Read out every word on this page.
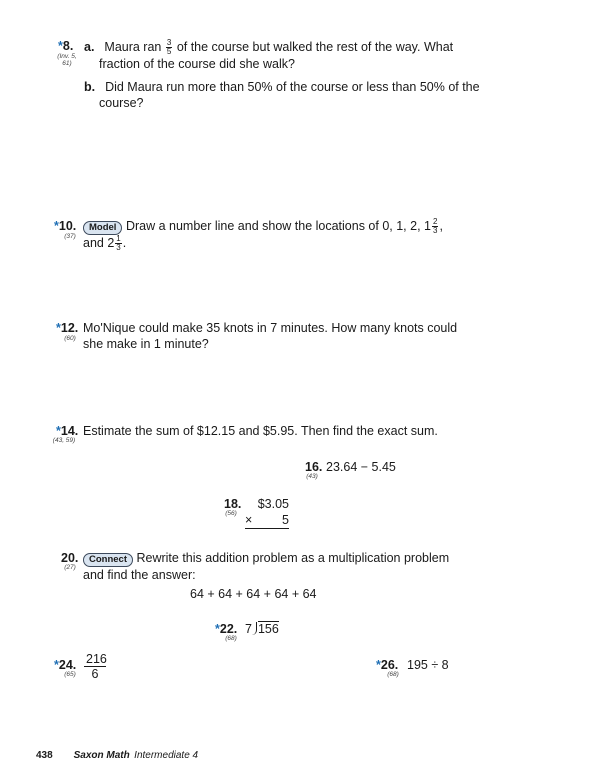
*8.
(Inv. 5,
61)
a. Maura ran $\frac{3}{5}$ of the course but walked the rest of the way. What
fraction of the course did she walk?
b. Did Maura run more than 50% of the course or less than 50% of the
course?
*10.
(37)
Model Draw a number line and show the locations of 0, 1, 2, $1 \frac{2}{3}$ ,
and $2 \frac{1}{3}$ .
*12.
(60)
Mo'Nique could make 35 knots in 7 minutes. How many knots could
she make in 1 minute?
*14.
(43, 59)
Estimate the sum of $12.15 and $5.95. Then find the exact sum.
16.
(43)
23.64 − 5.45
18.
(56)
$3.05
× 5
20.
(27)
Connect Rewrite this addition problem as a multiplication problem
and find the answer:
64 + 64 + 64 + 64 + 64
*22.
(68)
7 156
*24.
$(65) \frac{216}{6}$	*26.
(68)
195 ÷ 8
438 Saxon Math Intermediate 4
